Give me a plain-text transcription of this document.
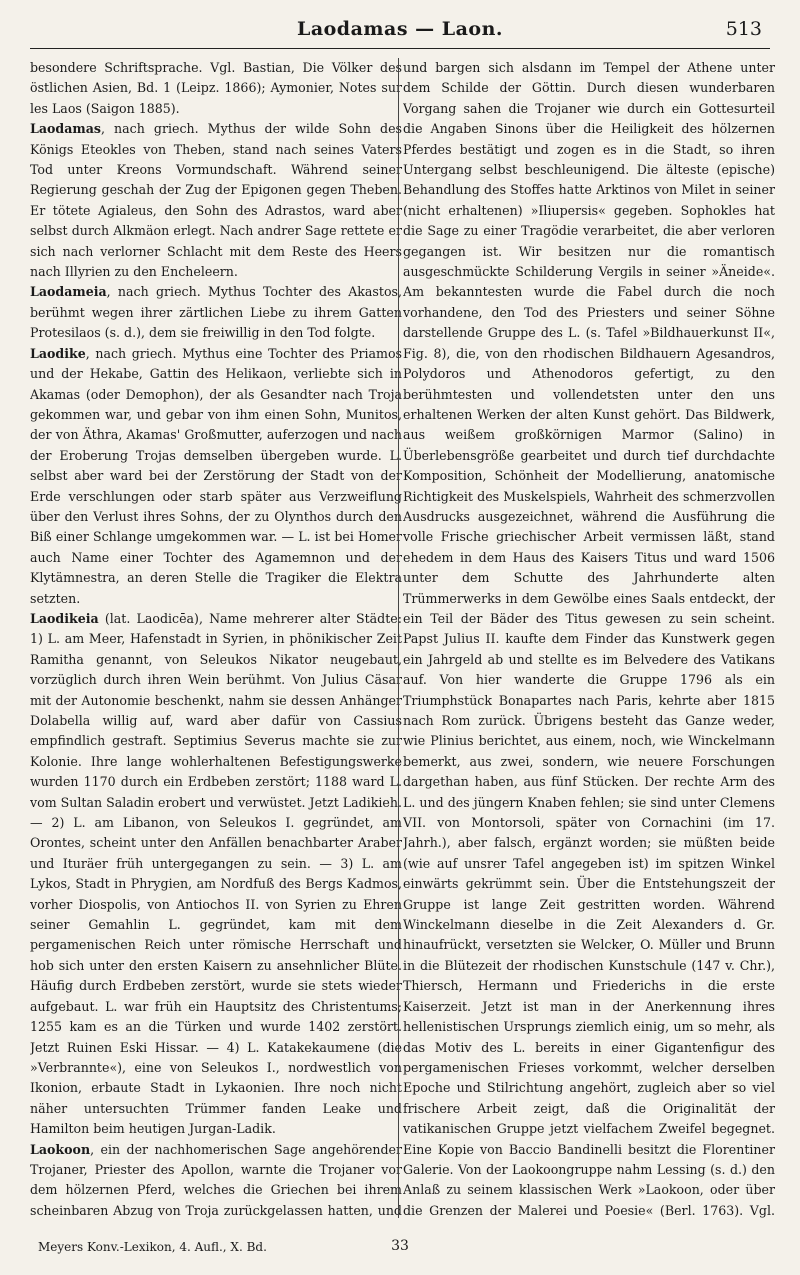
Laodamas — Laon.	513

besondere Schriftsprache. Vgl. Bastian, Die Völker des östlichen Asien, Bd. 1 (Leipz. 1866); Aymonier, Notes sur les Laos (Saigon 1885).

Laodamas, nach griech. Mythus der wilde Sohn des Königs Eteokles von Theben, stand nach seines Vaters Tod unter Kreons Vormundschaft. Während seiner Regierung geschah der Zug der Epigonen gegen Theben. Er tötete Agialeus, den Sohn des Adrastos, ward aber selbst durch Alkmäon erlegt. Nach andrer Sage rettete er sich nach verlorner Schlacht mit dem Reste des Heers nach Illyrien zu den Encheleern.

Laodameia, nach griech. Mythus Tochter des Akastos, berühmt wegen ihrer zärtlichen Liebe zu ihrem Gatten Protesilaos (s. d.), dem sie freiwillig in den Tod folgte.

Laodike, nach griech. Mythus eine Tochter des Priamos und der Hekabe, Gattin des Helikaon, verliebte sich in Akamas (oder Demophon), der als Gesandter nach Troja gekommen war, und gebar von ihm einen Sohn, Munitos, der von Äthra, Akamas' Großmutter, auferzogen und nach der Eroberung Trojas demselben übergeben wurde. L. selbst aber ward bei der Zerstörung der Stadt von der Erde verschlungen oder starb später aus Verzweiflung über den Verlust ihres Sohns, der zu Olynthos durch den Biß einer Schlange umgekommen war. — L. ist bei Homer auch Name einer Tochter des Agamemnon und der Klytämnestra, an deren Stelle die Tragiker die Elektra setzten.

Laodikeia (lat. Laodicēa), Name mehrerer alter Städte: 1) L. am Meer, Hafenstadt in Syrien, in phönikischer Zeit Ramitha genannt, von Seleukos Nikator neugebaut, vorzüglich durch ihren Wein berühmt. Von Julius Cäsar mit der Autonomie beschenkt, nahm sie dessen Anhänger Dolabella willig auf, ward aber dafür von Cassius empfindlich gestraft. Septimius Severus machte sie zur Kolonie. Ihre lange wohlerhaltenen Befestigungswerke wurden 1170 durch ein Erdbeben zerstört; 1188 ward L. vom Sultan Saladin erobert und verwüstet. Jetzt Ladikieh. — 2) L. am Libanon, von Seleukos I. gegründet, am Orontes, scheint unter den Anfällen benachbarter Araber und Ituräer früh untergegangen zu sein. — 3) L. am Lykos, Stadt in Phrygien, am Nordfuß des Bergs Kadmos, vorher Diospolis, von Antiochos II. von Syrien zu Ehren seiner Gemahlin L. gegründet, kam mit dem pergamenischen Reich unter römische Herrschaft und hob sich unter den ersten Kaisern zu ansehnlicher Blüte. Häufig durch Erdbeben zerstört, wurde sie stets wieder aufgebaut. L. war früh ein Hauptsitz des Christentums; 1255 kam es an die Türken und wurde 1402 zerstört. Jetzt Ruinen Eski Hissar. — 4) L. Katakekaumene (die »Verbrannte«), eine von Seleukos I., nordwestlich von Ikonion, erbaute Stadt in Lykaonien. Ihre noch nicht näher untersuchten Trümmer fanden Leake und Hamilton beim heutigen Jurgan-Ladik.

Laokoon, ein der nachhomerischen Sage angehörender Trojaner, Priester des Apollon, warnte die Trojaner vor dem hölzernen Pferd, welches die Griechen bei ihrem scheinbaren Abzug von Troja zurückgelassen hatten, und

und bargen sich alsdann im Tempel der Athene unter dem Schilde der Göttin. Durch diesen wunderbaren Vorgang sahen die Trojaner wie durch ein Gottesurteil die Angaben Sinons über die Heiligkeit des hölzernen Pferdes bestätigt und zogen es in die Stadt, so ihren Untergang selbst beschleunigend. Die älteste (epische) Behandlung des Stoffes hatte Arktinos von Milet in seiner (nicht erhaltenen) »Iliupersis« gegeben. Sophokles hat die Sage zu einer Tragödie verarbeitet, die aber verloren gegangen ist. Wir besitzen nur die romantisch ausgeschmückte Schilderung Vergils in seiner »Äneide«. Am bekanntesten wurde die Fabel durch die noch vorhandene, den Tod des Priesters und seiner Söhne darstellende Gruppe des L. (s. Tafel »Bildhauerkunst II«, Fig. 8), die, von den rhodischen Bildhauern Agesandros, Polydoros und Athenodoros gefertigt, zu den berühmtesten und vollendetsten unter den uns erhaltenen Werken der alten Kunst gehört. Das Bildwerk, aus weißem großkörnigen Marmor (Salino) in Überlebensgröße gearbeitet und durch tief durchdachte Komposition, Schönheit der Modellierung, anatomische Richtigkeit des Muskelspiels, Wahrheit des schmerzvollen Ausdrucks ausgezeichnet, während die Ausführung die volle Frische griechischer Arbeit vermissen läßt, stand ehedem in dem Haus des Kaisers Titus und ward 1506 unter dem Schutte des Jahrhunderte alten Trümmerwerks in dem Gewölbe eines Saals entdeckt, der ein Teil der Bäder des Titus gewesen zu sein scheint. Papst Julius II. kaufte dem Finder das Kunstwerk gegen ein Jahrgeld ab und stellte es im Belvedere des Vatikans auf. Von hier wanderte die Gruppe 1796 als ein Triumphstück Bonapartes nach Paris, kehrte aber 1815 nach Rom zurück. Übrigens besteht das Ganze weder, wie Plinius berichtet, aus einem, noch, wie Winckelmann bemerkt, aus zwei, sondern, wie neuere Forschungen dargethan haben, aus fünf Stücken. Der rechte Arm des L. und des jüngern Knaben fehlen; sie sind unter Clemens VII. von Montorsoli, später von Cornachini (im 17. Jahrh.), aber falsch, ergänzt worden; sie müßten beide (wie auf unsrer Tafel angegeben ist) im spitzen Winkel einwärts gekrümmt sein. Über die Entstehungszeit der Gruppe ist lange Zeit gestritten worden. Während Winckelmann dieselbe in die Zeit Alexanders d. Gr. hinaufrückt, versetzten sie Welcker, O. Müller und Brunn in die Blütezeit der rhodischen Kunstschule (147 v. Chr.), Thiersch, Hermann und Friederichs in die erste Kaiserzeit. Jetzt ist man in der Anerkennung ihres hellenistischen Ursprungs ziemlich einig, um so mehr, als das Motiv des L. bereits in einer Gigantenfigur des pergamenischen Frieses vorkommt, welcher derselben Epoche und Stilrichtung angehört, zugleich aber so viel frischere Arbeit zeigt, daß die Originalität der vatikanischen Gruppe jetzt vielfachem Zweifel begegnet. Eine Kopie von Baccio Bandinelli besitzt die Florentiner Galerie. Von der Laokoongruppe nahm Lessing (s. d.) den Anlaß zu seinem klassischen Werk »Laokoon, oder über die Grenzen der Malerei und Poesie« (Berl. 1763). Vgl.

Meyers Konv.-Lexikon, 4. Aufl., X. Bd.	33
